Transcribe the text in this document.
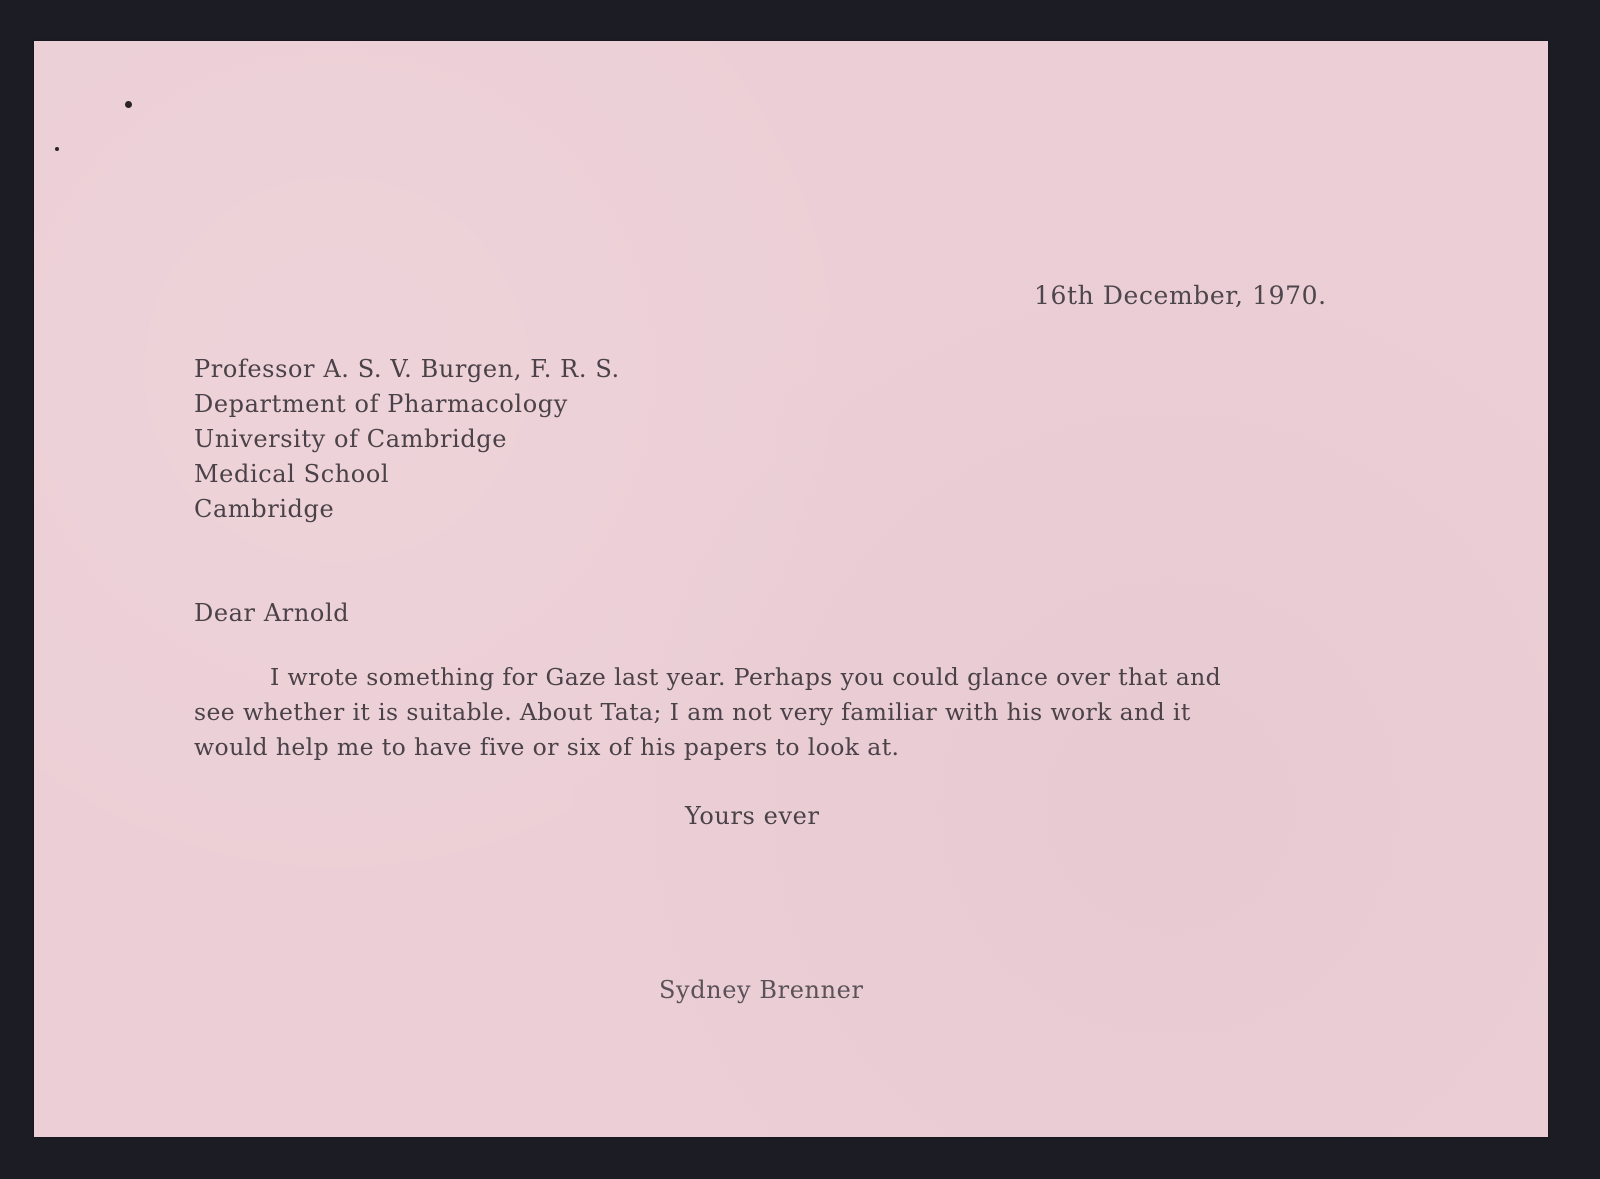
16th December, 1970.

Professor A. S. V. Burgen, F. R. S.

Department of Pharmacology

University of Cambridge

Medical School

Cambridge

Dear Arnold

I wrote something for Gaze last year. Perhaps you could glance over that and

see whether it is suitable. About Tata; I am not very familiar with his work and it

would help me to have five or six of his papers to look at.

Yours ever

Sydney Brenner
